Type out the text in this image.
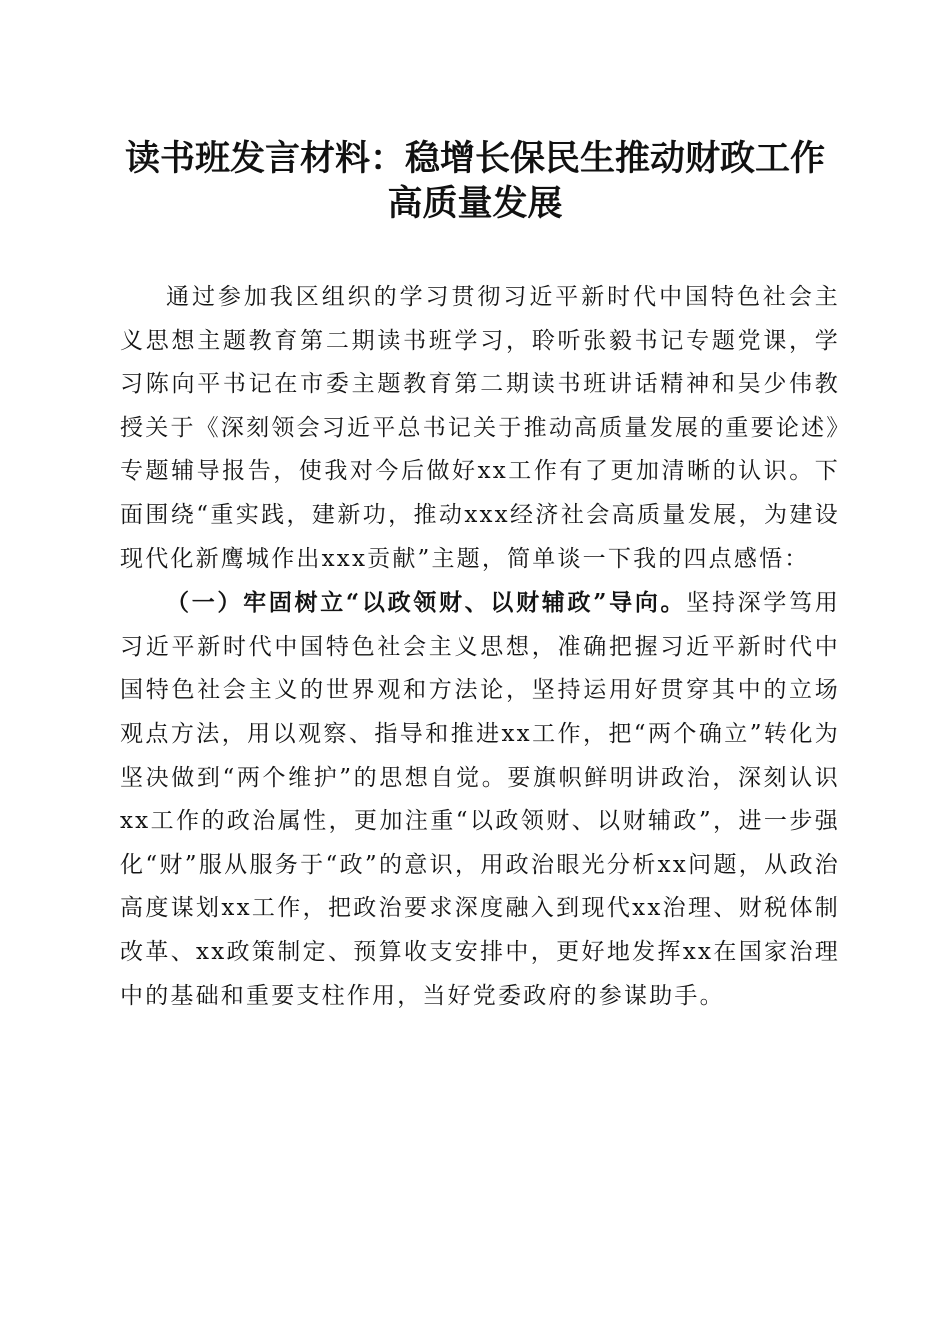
读书班发言材料：稳增长保民生推动财政工作
高质量发展

通过参加我区组织的学习贯彻习近平新时代中国特色社会主义思想主题教育第二期读书班学习，聆听张毅书记专题党课，学习陈向平书记在市委主题教育第二期读书班讲话精神和吴少伟教授关于《深刻领会习近平总书记关于推动高质量发展的重要论述》专题辅导报告，使我对今后做好xx工作有了更加清晰的认识。下面围绕“重实践，建新功，推动xxx经济社会高质量发展，为建设现代化新鹰城作出xxx贡献”主题，简单谈一下我的四点感悟：

（一）牢固树立“以政领财、以财辅政”导向。坚持深学笃用习近平新时代中国特色社会主义思想，准确把握习近平新时代中国特色社会主义的世界观和方法论，坚持运用好贯穿其中的立场观点方法，用以观察、指导和推进xx工作，把“两个确立”转化为坚决做到“两个维护”的思想自觉。要旗帜鲜明讲政治，深刻认识xx工作的政治属性，更加注重“以政领财、以财辅政”，进一步强化“财”服从服务于“政”的意识，用政治眼光分析xx问题，从政治高度谋划xx工作，把政治要求深度融入到现代xx治理、财税体制改革、xx政策制定、预算收支安排中，更好地发挥xx在国家治理中的基础和重要支柱作用，当好党委政府的参谋助手。
